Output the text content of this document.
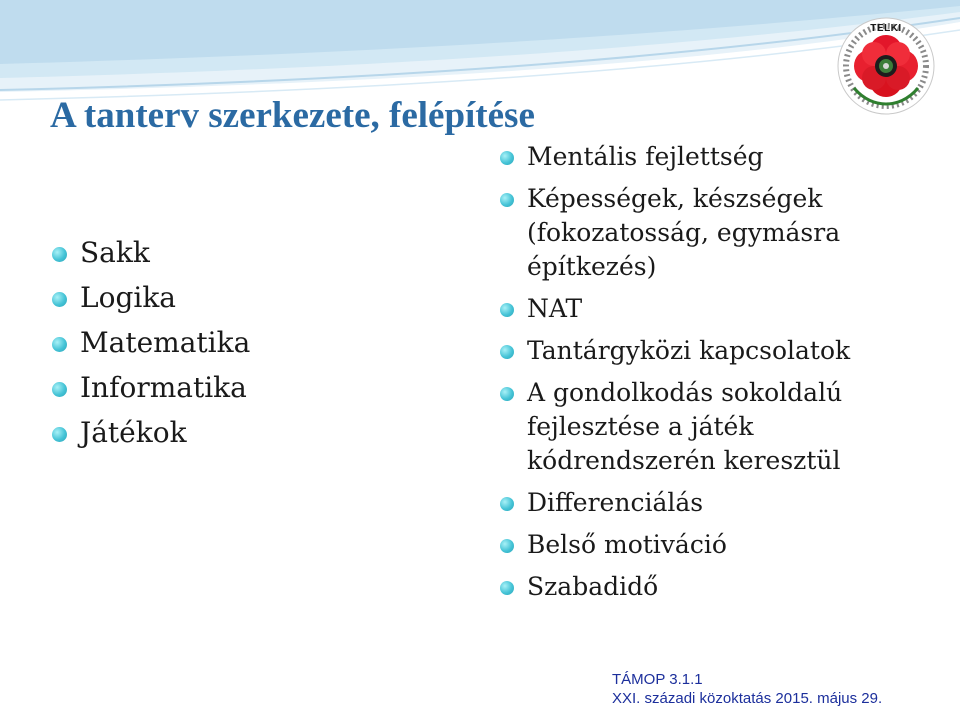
TELKI
A tanterv szerkezete, felépítése
Sakk
Logika
Matematika
Informatika
Játékok
Mentális fejlettség
Képességek, készségek (fokozatosság, egymásra építkezés)
NAT
Tantárgyközi kapcsolatok
A gondolkodás sokoldalú fejlesztése a játék kódrendszerén keresztül
Differenciálás
Belső motiváció
Szabadidő
TÁMOP 3.1.1
XXI. századi közoktatás 2015. május 29.
